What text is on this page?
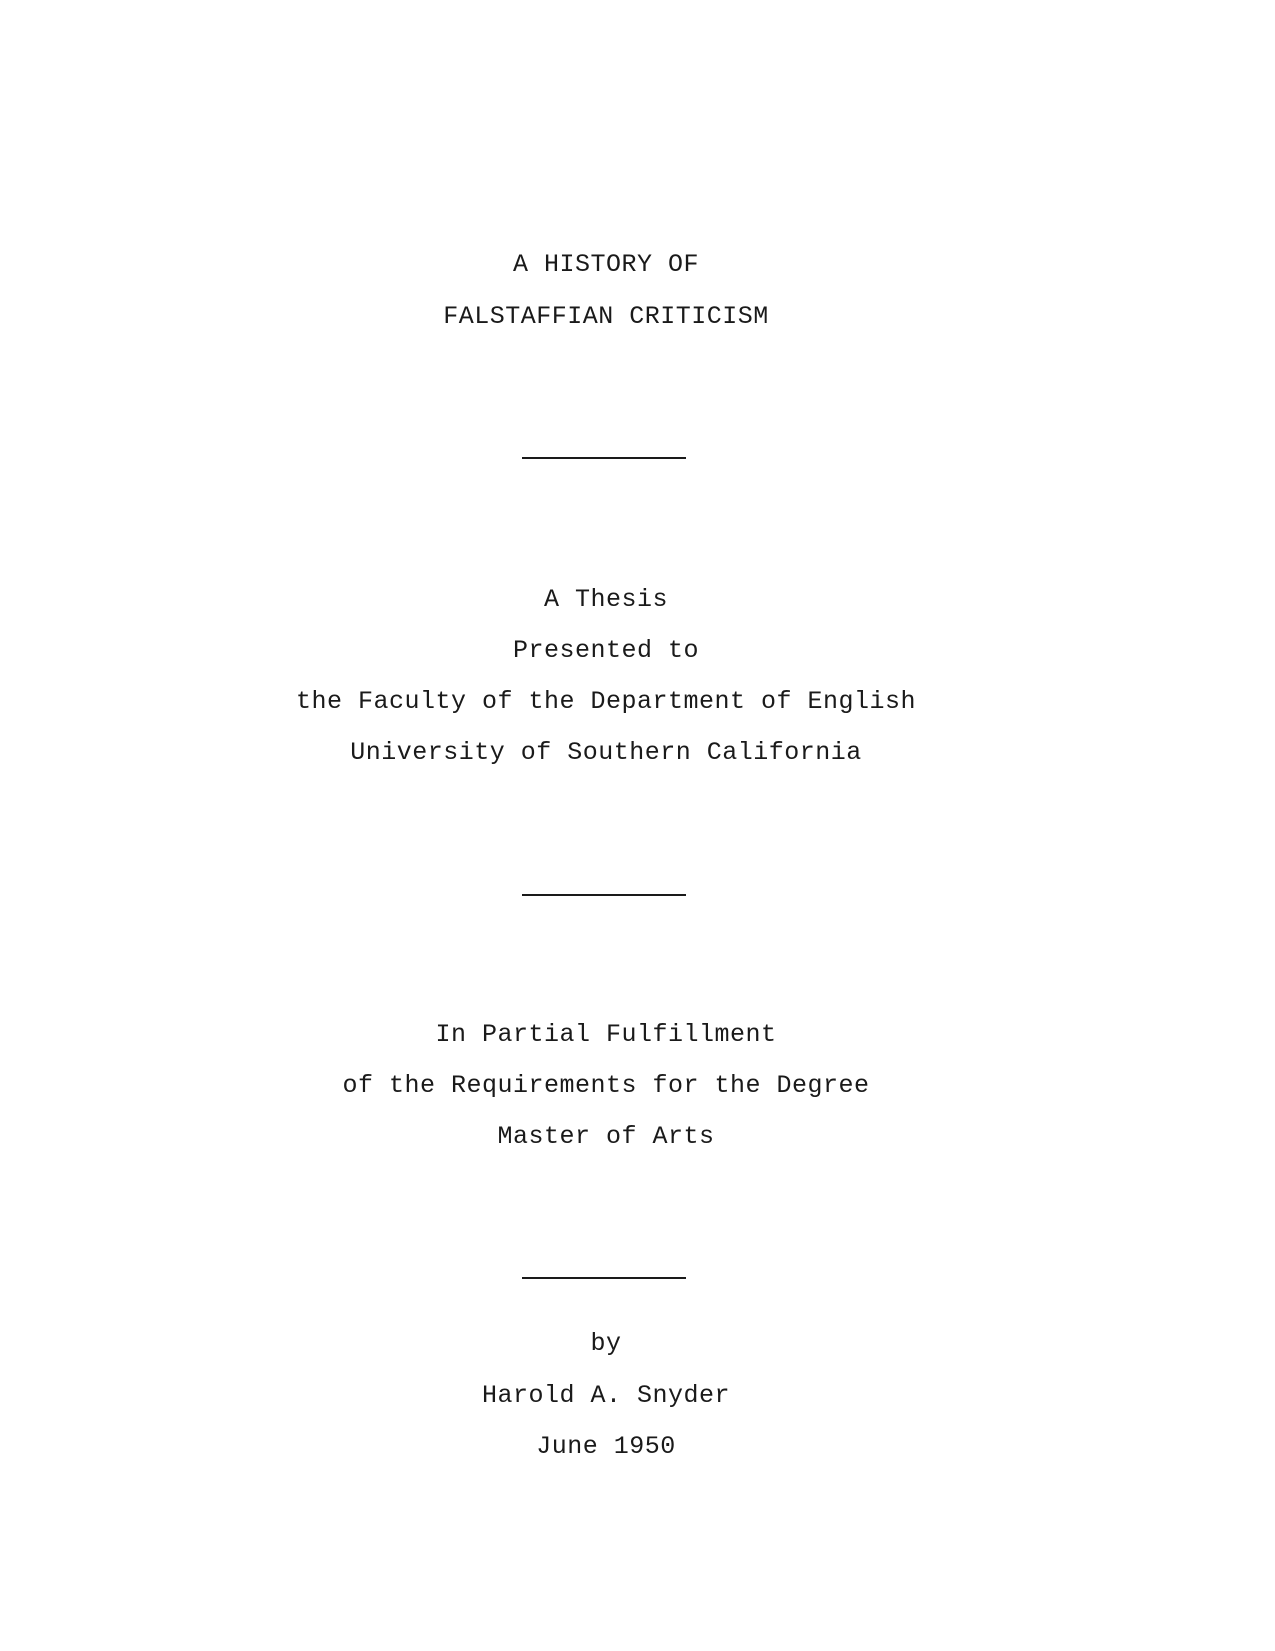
A HISTORY OF
FALSTAFFIAN CRITICISM
A Thesis
Presented to
the Faculty of the Department of English
University of Southern California
In Partial Fulfillment
of the Requirements for the Degree
Master of Arts
by
Harold A. Snyder
June 1950
